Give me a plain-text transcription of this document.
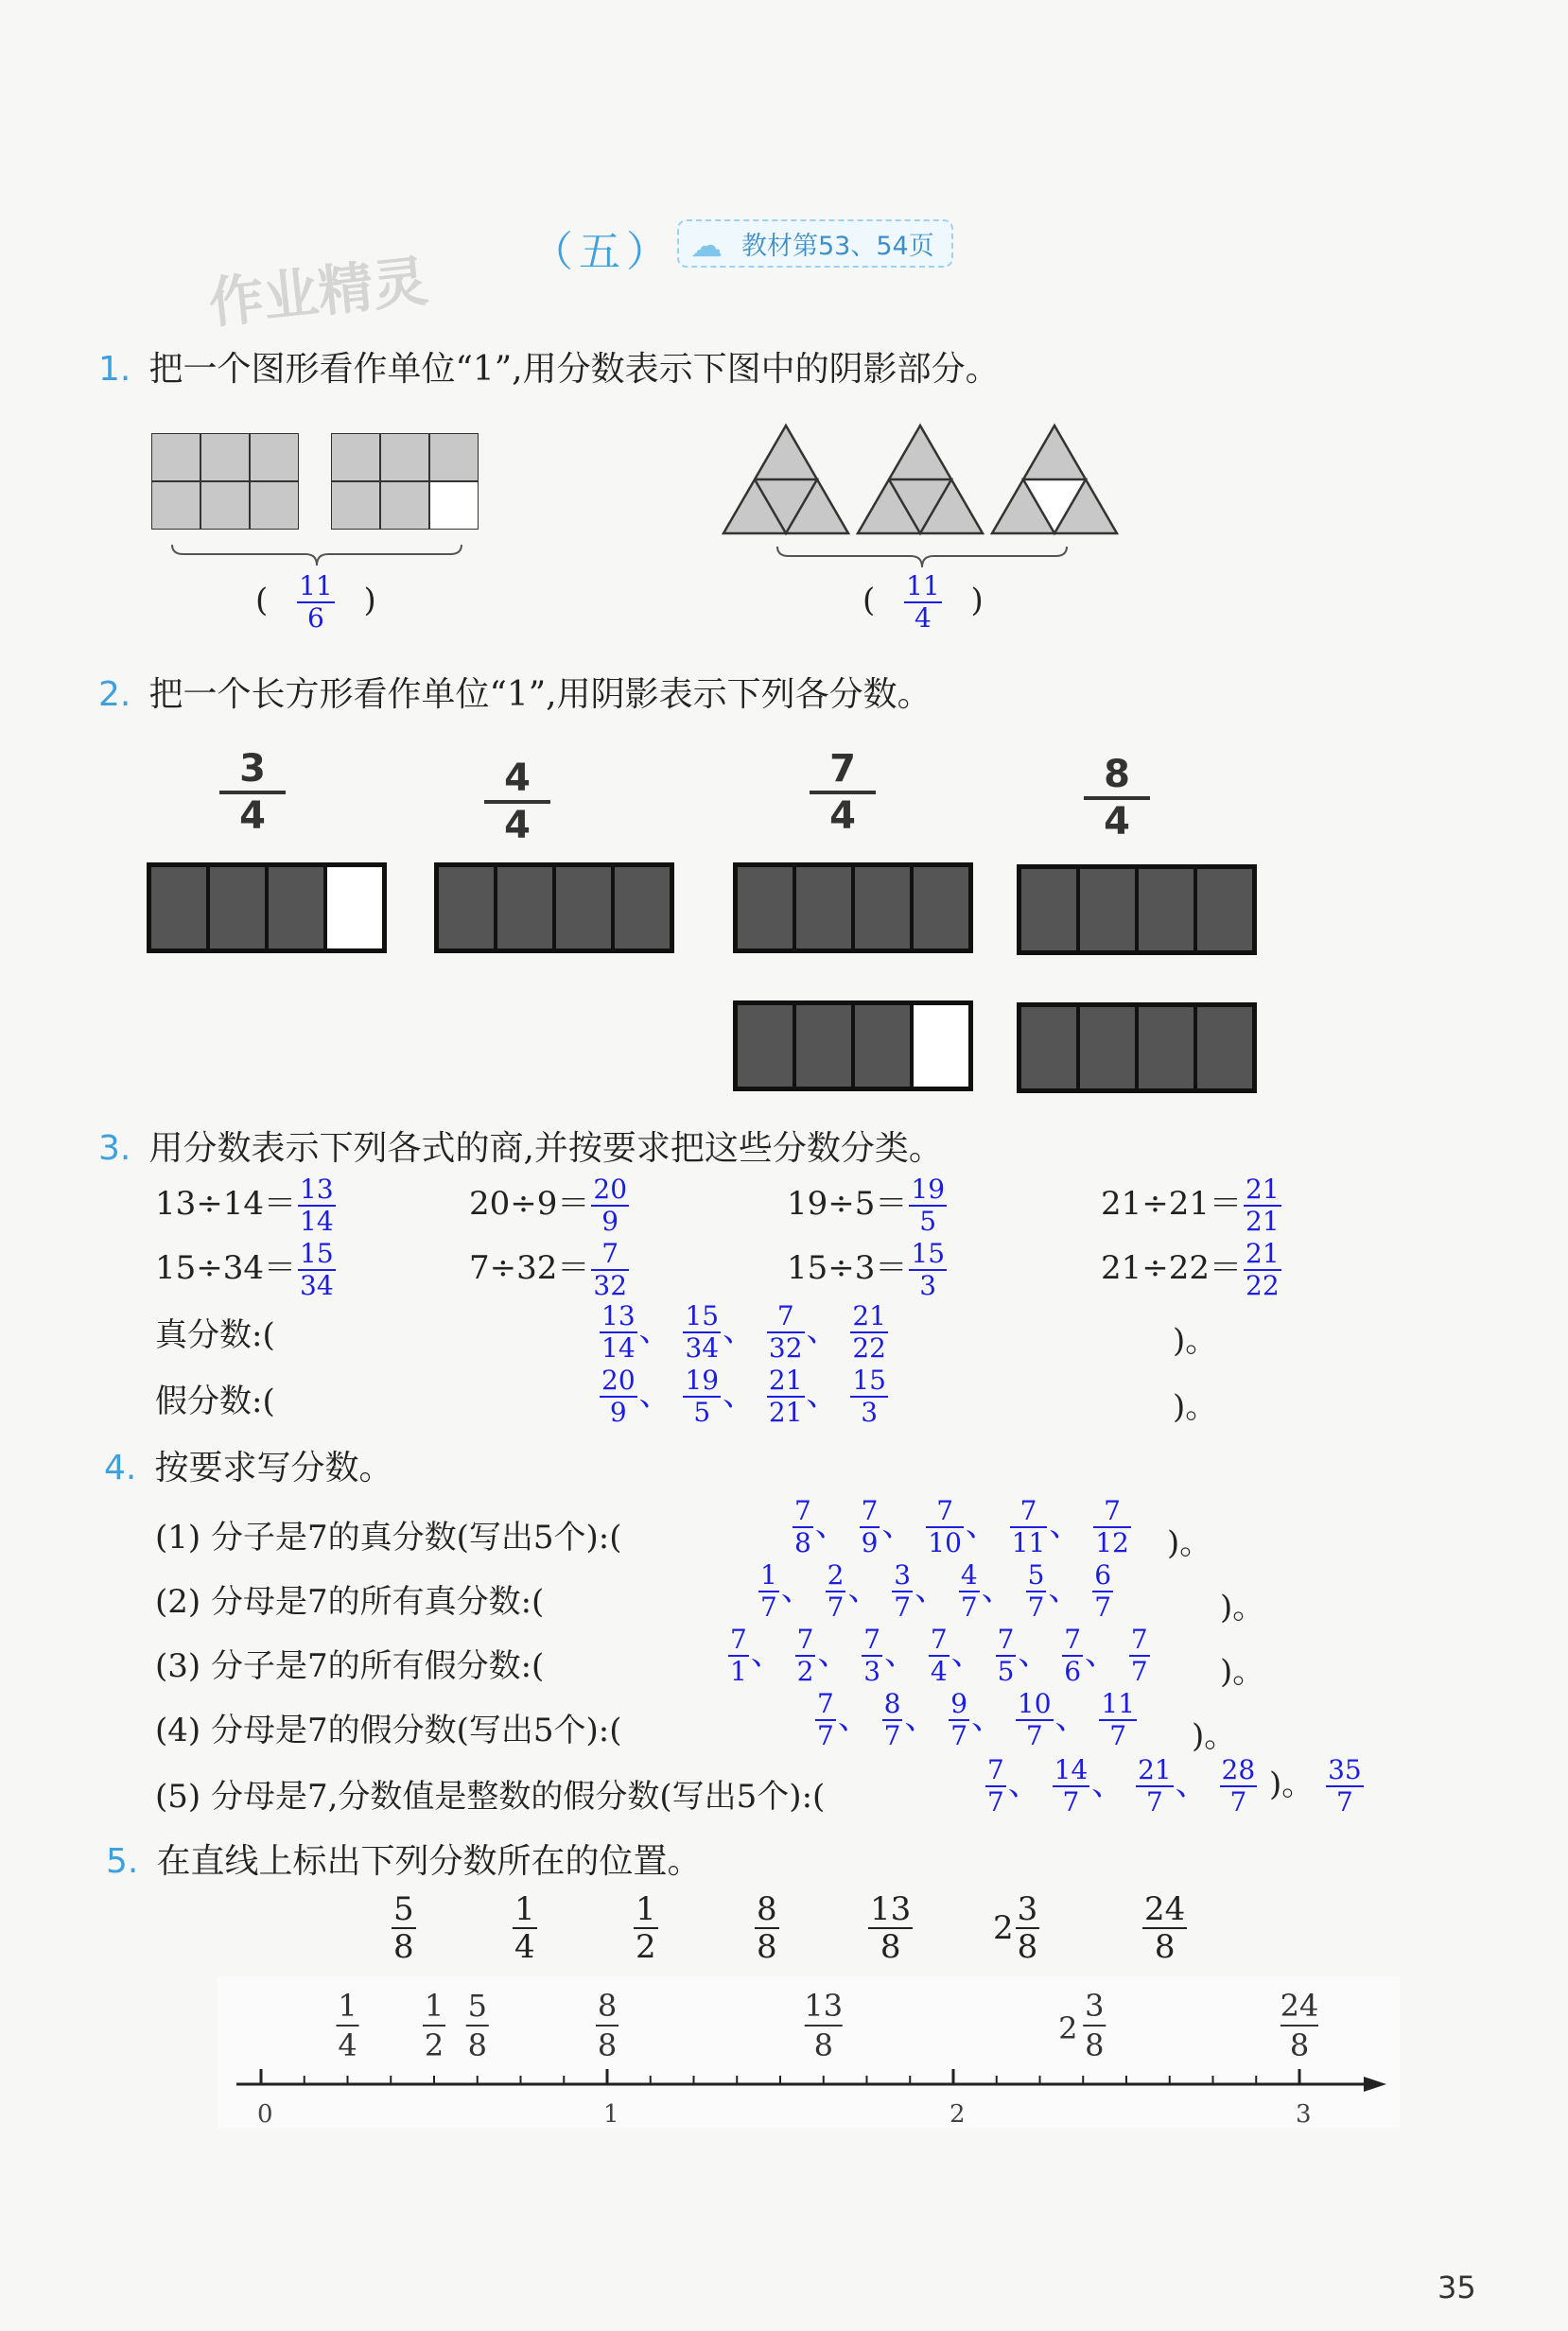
（五） ☁ 教材第53、54页
作业精灵
1. 把一个图形看作单位“1”,用分数表示下图中的阴影部分。
( $\frac{11}{6}$ )	( $\frac{11}{4}$ )
2. 把一个长方形看作单位“1”,用阴影表示下列各分数。
3
4
4
4
7
4
8
4
3. 用分数表示下列各式的商,并按要求把这些分数分类。
$13\div 14= \frac{13}{14}$	$20\div 9= \frac{20}{9}$	$19\div 5= \frac{19}{5}$	$21\div 21= \frac{21}{21}$
$15\div 34= \frac{15}{34}$	$7\div 32= \frac{7}{32}$	$15\div 3= \frac{15}{3}$	$21\div 22= \frac{21}{22}$
真分数:(	$\frac{13}{14}$ 、 $\frac{15}{34}$ 、 $\frac{7}{32}$ 、 $\frac{21}{22}$	)。
假分数:(	$\frac{20}{9}$ 、 $\frac{19}{5}$ 、 $\frac{21}{21}$ 、 $\frac{15}{3}$	)。
4. 按要求写分数。
(1) 分子是7的真分数(写出5个):(	$\frac{7}{8}$ 、 $\frac{7}{9}$ 、 $\frac{7}{10}$ 、 $\frac{7}{11}$ 、 $\frac{7}{12}$ )。
(2) 分母是7的所有真分数:(	$\frac{1}{7}$ 、 $\frac{2}{7}$ 、 $\frac{3}{7}$ 、 $\frac{4}{7}$ 、 $\frac{5}{7}$ 、 $\frac{6}{7}$	)。
(3) 分子是7的所有假分数:(	$\frac{7}{1}$ 、 $\frac{7}{2}$ 、 $\frac{7}{3}$ 、 $\frac{7}{4}$ 、 $\frac{7}{5}$ 、 $\frac{7}{6}$ 、 $\frac{7}{7}$ )。
(4) 分母是7的假分数(写出5个):(	$\frac{7}{7}$ 、 $\frac{8}{7}$ 、 $\frac{9}{7}$ 、 $\frac{10}{7}$ 、 $\frac{11}{7}$ )。
(5) 分母是7,分数值是整数的假分数(写出5个):(	$\frac{7}{7}$ 、 $\frac{14}{7}$ 、 $\frac{21}{7}$ 、 $\frac{28}{7}$ )。 $\frac{35}{7}$
5. 在直线上标出下列分数所在的位置。
$\frac{5}{8}$	$\frac{1}{4}$	$\frac{1}{2}$	$\frac{8}{8}$	$\frac{13}{8} 2 \frac{3}{8}$	$\frac{24}{8}$
0	1	2	3
1
4
1
2
5
8
8
8
13
8
3
8
2
24
8
35
